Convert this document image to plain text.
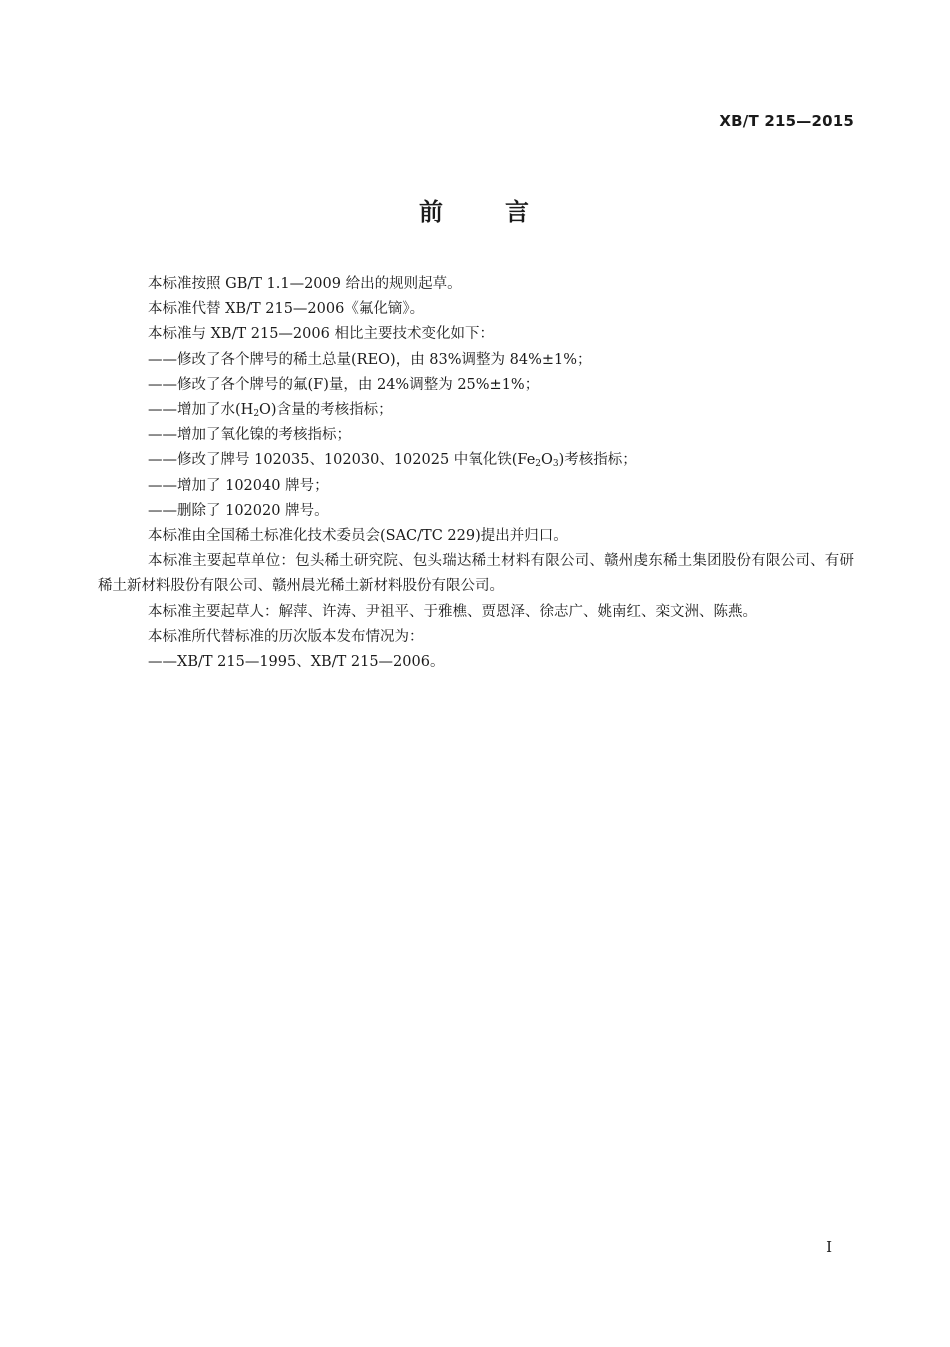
XB/T 215—2015
前	言

本标准按照 GB/T 1.1—2009 给出的规则起草。

本标准代替 XB/T 215—2006《氟化镝》。

本标准与 XB/T 215—2006 相比主要技术变化如下：

——修改了各个牌号的稀土总量(REO)，由 83%调整为 84%±1%；

——修改了各个牌号的氟(F)量，由 24%调整为 25%±1%；

——增加了水$(H_2O)$含量的考核指标；

——增加了氧化镍的考核指标；

——修改了牌号 102035、102030、102025 中氧化铁$(Fe_2O_3)$考核指标；

——增加了 102040 牌号；

——删除了 102020 牌号。

本标准由全国稀土标准化技术委员会(SAC/TC 229)提出并归口。

本标准主要起草单位：包头稀土研究院、包头瑞达稀土材料有限公司、赣州虔东稀土集团股份有限公司、有研稀土新材料股份有限公司、赣州晨光稀土新材料股份有限公司。

本标准主要起草人：解萍、许涛、尹祖平、于雅樵、贾恩泽、徐志广、姚南红、栾文洲、陈燕。

本标准所代替标准的历次版本发布情况为：

——XB/T 215—1995、XB/T 215—2006。

I
